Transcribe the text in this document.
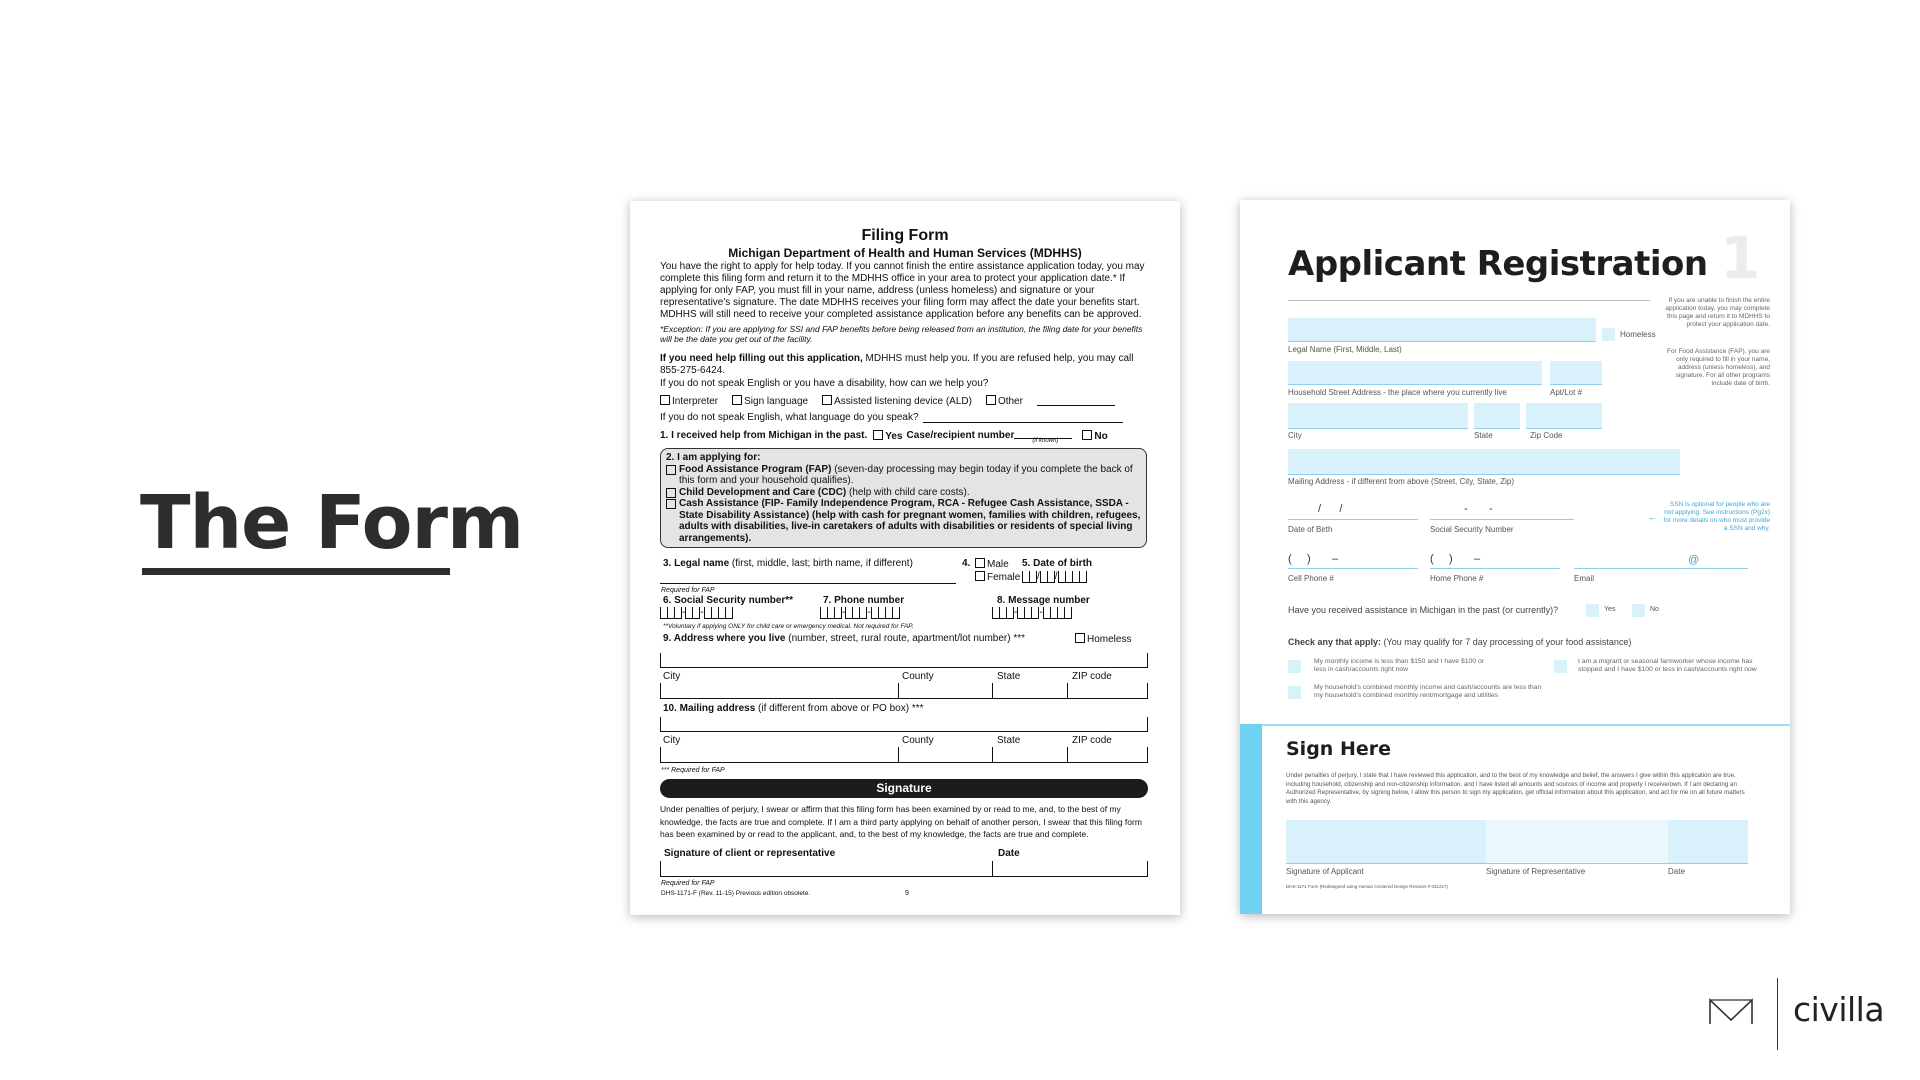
The Form
Filing Form
Michigan Department of Health and Human Services (MDHHS)
You have the right to apply for help today. If you cannot finish the entire assistance application today, you may complete this filing form and return it to the MDHHS office in your area to protect your application date.* If applying for only FAP, you must fill in your name, address (unless homeless) and signature or your representative's signature. The date MDHHS receives your filing form may affect the date your benefits start. MDHHS will still need to receive your completed assistance application before any benefits can be approved.
*Exception: If you are applying for SSI and FAP benefits before being released from an institution, the filing date for your benefits will be the date you get out of the facility.
If you need help filling out this application, MDHHS must help you. If you are refused help, you may call 855-275-6424.
If you do not speak English or you have a disability, how can we help you?
Interpreter	Sign language	Assisted listening device (ALD)	Other
If you do not speak English, what language do you speak?
1. I received help from Michigan in the past.	Yes Case/recipient number	(if known)	No
2. I am applying for:
Food Assistance Program (FAP) (seven-day processing may begin today if you complete the back of this form and your household qualifies).
Child Development and Care (CDC) (help with child care costs).
Cash Assistance (FIP- Family Independence Program, RCA - Refugee Cash Assistance, SSDA - State Disability Assistance) (help with cash for pregnant women, families with children, refugees, adults with disabilities, live-in caretakers of adults with disabilities or residents of special living arrangements).
3. Legal name (first, middle, last; birth name, if different)
Required for FAP
4.	Male
Female
5. Date of birth
/ /
6. Social Security number**
- -
7. Phone number
- -
8. Message number
- -
**Voluntary if applying ONLY for child care or emergency medical. Not required for FAP.
9. Address where you live (number, street, rural route, apartment/lot number) ***	Homeless
City	County	State	ZIP code
10. Mailing address (if different from above or PO box) ***
City	County	State	ZIP code
*** Required for FAP
Signature
Under penalties of perjury, I swear or affirm that this filing form has been examined by or read to me, and, to the best of my knowledge, the facts are true and complete. If I am a third party applying on behalf of another person, I swear that this filing form has been examined by or read to the applicant, and, to the best of my knowledge, the facts are true and complete.
Signature of client or representative	Date
Required for FAP
DHS-1171-F (Rev. 11-15) Previous edition obsolete.	9
Applicant Registration 1
If you are unable to finish the entire application today, you may complete this page and return it to MDHHS to protect your application date.
For Food Assistance (FAP), you are only required to fill in your name, address (unless homeless), and signature. For all other programs include date of birth.
Homeless
Legal Name (First, Middle, Last)
Household Street Address - the place where you currently live	Apt/Lot #
City	State	Zip Code
Mailing Address - if different from above (Street, City, State, Zip)
/      /
Date of Birth
-       -
Social Security Number
SSN is optional for people who are not applying. See instructions (Pg2x) for more details on who must provide a SSN and why.
←
(     )       –
Cell Phone #
(     )       –
Home Phone #
@
Email
Have you received assistance in Michigan in the past (or currently)?	Yes	No
Check any that apply: (You may qualify for 7 day processing of your food assistance)
My monthly income is less than $150 and I have $100 or less in cash/accounts right now
I am a migrant or seasonal farmworker whose income has stopped and I have $100 or less in cash/accounts right now
My household's combined monthly income and cash/accounts are less than my household's combined monthly rent/mortgage and utilities
Sign Here
Under penalties of perjury, I state that I have reviewed this application, and to the best of my knowledge and belief, the answers I give within this application are true, including household, citizenship and non-citizenship information, and I have listed all amounts and sources of income and property I receive/own. If I am declaring an Authorized Representative, by signing below, I allow this person to sign my application, get official information about this application, and act for me on all future matters with this agency.
Signature of Applicant	Signature of Representative	Date
DHS-1171 Form (Redesigned using Human Centered Design Revision # 031217)
civilla
